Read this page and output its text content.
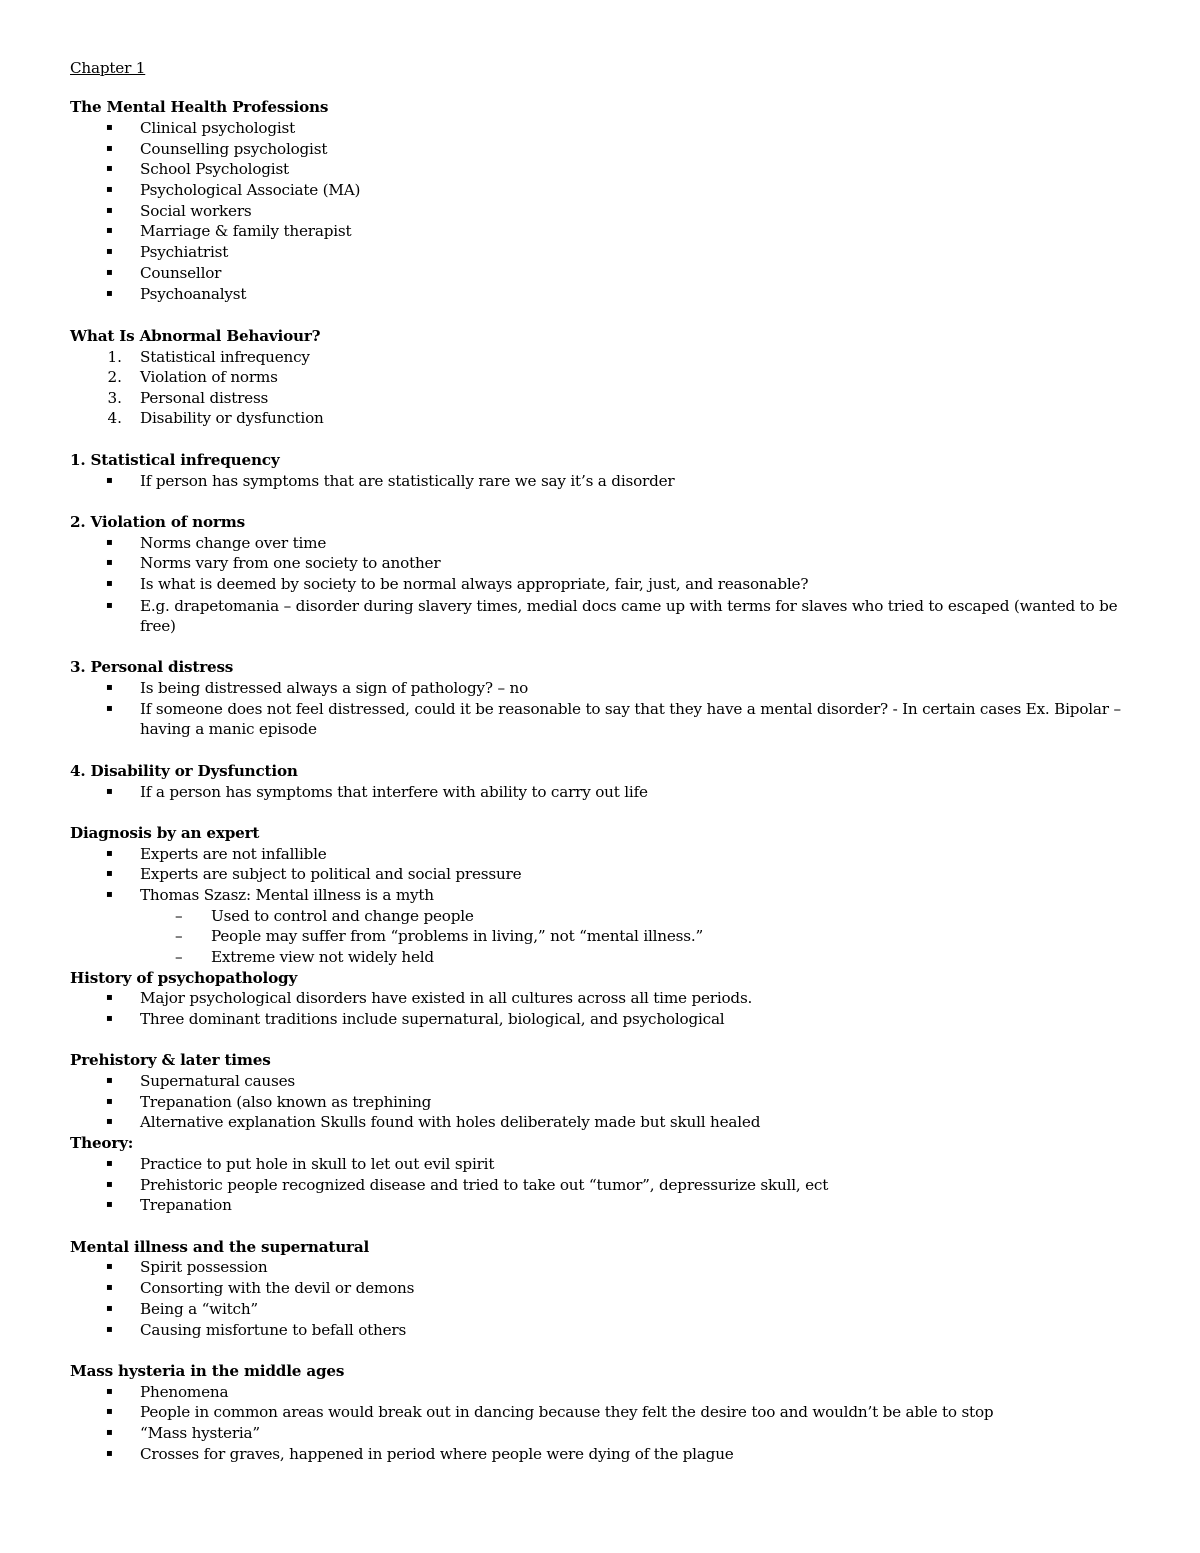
Chapter 1
The Mental Health Professions
▪ Clinical psychologist
▪ Counselling psychologist
▪ School Psychologist
▪ Psychological Associate (MA)
▪ Social workers
▪ Marriage & family therapist
▪ Psychiatrist
▪ Counsellor
▪ Psychoanalyst
What Is Abnormal Behaviour?
1. Statistical infrequency
2. Violation of norms
3. Personal distress
4. Disability or dysfunction
1. Statistical infrequency
▪ If person has symptoms that are statistically rare we say it’s a disorder
2. Violation of norms
▪ Norms change over time
▪ Norms vary from one society to another
▪ Is what is deemed by society to be normal always appropriate, fair, just, and reasonable?
▪ E.g. drapetomania – disorder during slavery times, medial docs came up with terms for slaves who tried to escaped (wanted to be free)
3. Personal distress
▪ Is being distressed always a sign of pathology? – no
▪ If someone does not feel distressed, could it be reasonable to say that they have a mental disorder? - In certain cases Ex. Bipolar – having a manic episode
4. Disability or Dysfunction
▪ If a person has symptoms that interfere with ability to carry out life
Diagnosis by an expert
▪ Experts are not infallible
▪ Experts are subject to political and social pressure
▪ Thomas Szasz: Mental illness is a myth
– Used to control and change people
– People may suffer from “problems in living,” not “mental illness.”
– Extreme view not widely held
History of psychopathology
▪ Major psychological disorders have existed in all cultures across all time periods.
▪ Three dominant traditions include supernatural, biological, and psychological
Prehistory & later times
▪ Supernatural causes
▪ Trepanation (also known as trephining
▪ Alternative explanation Skulls found with holes deliberately made but skull healed
Theory:
▪ Practice to put hole in skull to let out evil spirit
▪ Prehistoric people recognized disease and tried to take out “tumor”, depressurize skull, ect
▪ Trepanation
Mental illness and the supernatural
▪ Spirit possession
▪ Consorting with the devil or demons
▪ Being a “witch”
▪ Causing misfortune to befall others
Mass hysteria in the middle ages
▪ Phenomena
▪ People in common areas would break out in dancing because they felt the desire too and wouldn’t be able to stop
▪ “Mass hysteria”
▪ Crosses for graves, happened in period where people were dying of the plague
